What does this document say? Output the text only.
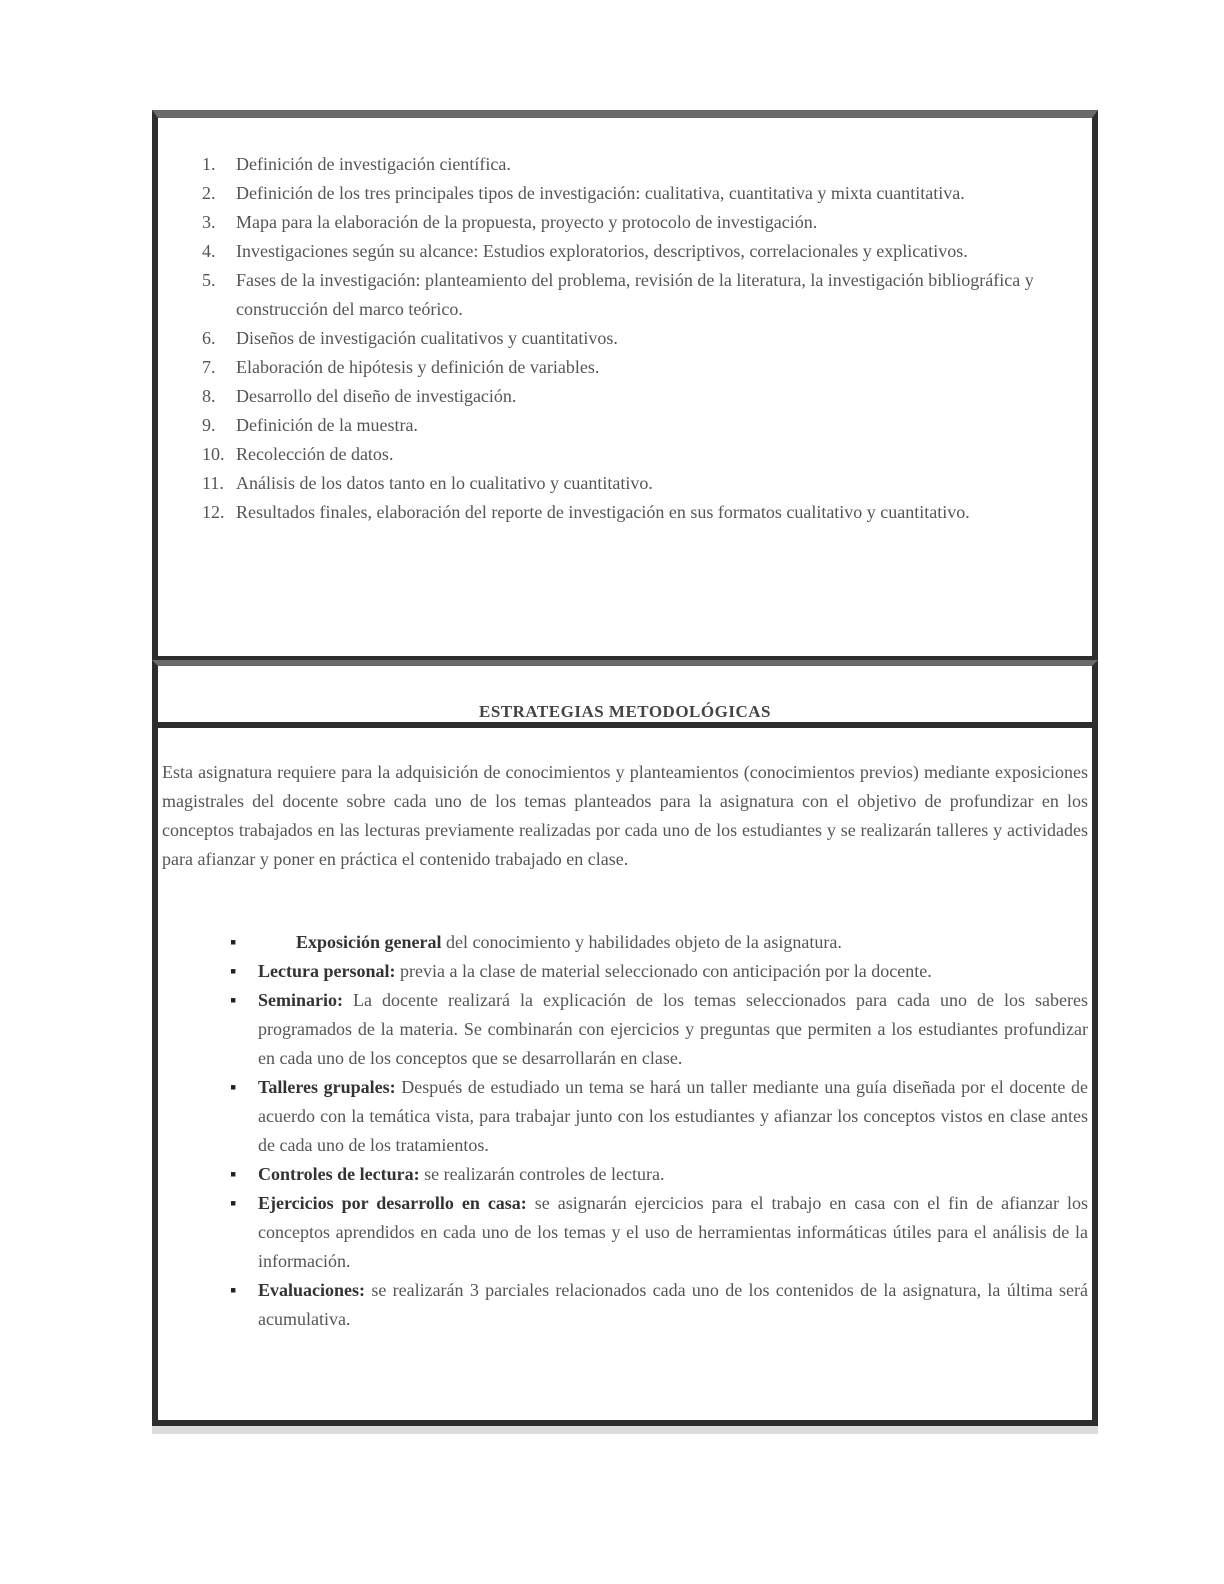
1.	Definición de investigación científica.
2.	Definición de los tres principales tipos de investigación: cualitativa, cuantitativa y mixta cuantitativa.
3.	Mapa para la elaboración de la propuesta, proyecto y protocolo de investigación.
4.	Investigaciones según su alcance: Estudios exploratorios, descriptivos, correlacionales y explicativos.
5.	Fases de la investigación: planteamiento del problema, revisión de la literatura, la investigación bibliográfica y construcción del marco teórico.
6.	Diseños de investigación cualitativos y cuantitativos.
7.	Elaboración de hipótesis y definición de variables.
8.	Desarrollo del diseño de investigación.
9.	Definición de la muestra.
10. Recolección de datos.
11. Análisis de los datos tanto en lo cualitativo y cuantitativo.
12. Resultados finales, elaboración del reporte de investigación en sus formatos cualitativo y cuantitativo.
ESTRATEGIAS METODOLÓGICAS
Esta asignatura requiere para la adquisición de conocimientos y planteamientos (conocimientos previos) mediante exposiciones magistrales del docente sobre cada uno de los temas planteados para la asignatura con el objetivo de profundizar en los conceptos trabajados en las lecturas previamente realizadas por cada uno de los estudiantes y se realizarán talleres y actividades para afianzar y poner en práctica el contenido trabajado en clase.
▪	Exposición general del conocimiento y habilidades objeto de la asignatura.
▪ Lectura personal: previa a la clase de material seleccionado con anticipación por la docente.
▪ Seminario: La docente realizará la explicación de los temas seleccionados para cada uno de los saberes programados de la materia. Se combinarán con ejercicios y preguntas que permiten a los estudiantes profundizar en cada uno de los conceptos que se desarrollarán en clase.
▪ Talleres grupales: Después de estudiado un tema se hará un taller mediante una guía diseñada por el docente de acuerdo con la temática vista, para trabajar junto con los estudiantes y afianzar los conceptos vistos en clase antes de cada uno de los tratamientos.
▪ Controles de lectura: se realizarán controles de lectura.
▪ Ejercicios por desarrollo en casa: se asignarán ejercicios para el trabajo en casa con el fin de afianzar los conceptos aprendidos en cada uno de los temas y el uso de herramientas informáticas útiles para el análisis de la información.
▪ Evaluaciones: se realizarán 3 parciales relacionados cada uno de los contenidos de la asignatura, la última será acumulativa.
